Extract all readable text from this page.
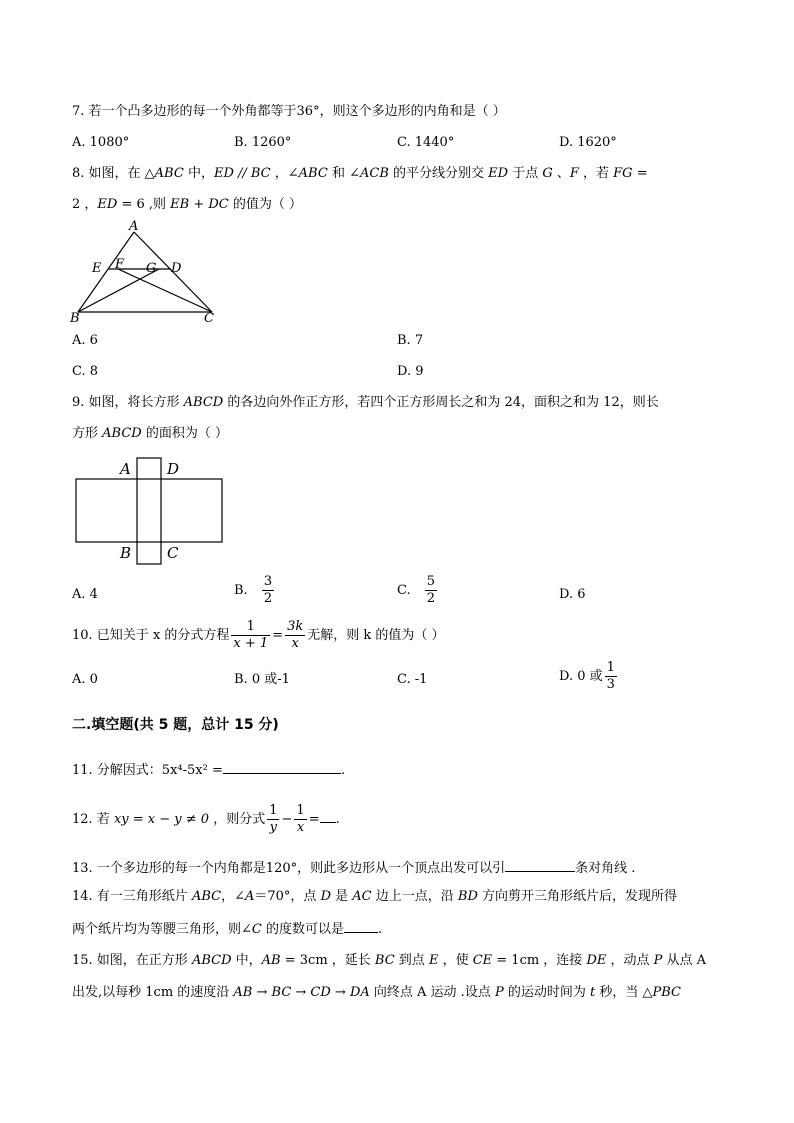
7. 若一个凸多边形的每一个外角都等于36°，则这个多边形的内角和是（ ）
A. 1080°	B. 1260°	C. 1440°	D. 1620°
8. 如图，在 △ABC 中，ED // BC ，∠ABC 和 ∠ACB 的平分线分别交 ED 于点 G 、F ，若 FG =
2 ，ED = 6 ,则 EB + DC 的值为（ ）
A
E F G D
B	C
A. 6	B. 7
C. 8	D. 9
9. 如图，将长方形 ABCD 的各边向外作正方形，若四个正方形周长之和为 24，面积之和为 12，则长
方形 ABCD 的面积为（ ）
A D
B C
A. 4	B. $\frac{3}{2}$	C. $\frac{5}{2}$	D. 6
10. 已知关于 x 的分式方程 $\frac{1}{x + 1} = \frac{3k}{x}$ 无解，则 k 的值为（ ）
A. 0	B. 0 或-1	C. -1	D. 0 或 $\frac{1}{3}$
二.填空题(共 5 题，总计 15 分)
11. 分解因式：5x⁴-5x² =	.
12. 若 xy = x − y ≠ 0 ，则分式 $\frac{1}{y} - \frac{1}{x}$ = .
13. 一个多边形的每一个内角都是120°，则此多边形从一个顶点出发可以引	条对角线 .
14. 有一三角形纸片 ABC，∠A＝70°，点 D 是 AC 边上一点，沿 BD 方向剪开三角形纸片后，发现所得
两个纸片均为等腰三角形，则∠C 的度数可以是	.
15. 如图，在正方形 ABCD 中，AB = 3cm ，延长 BC 到点 E ，使 CE = 1cm ，连接 DE ，动点 P 从点 A
出发,以每秒 1cm 的速度沿 AB → BC → CD → DA 向终点 A 运动 .设点 P 的运动时间为 t 秒，当 △PBC
